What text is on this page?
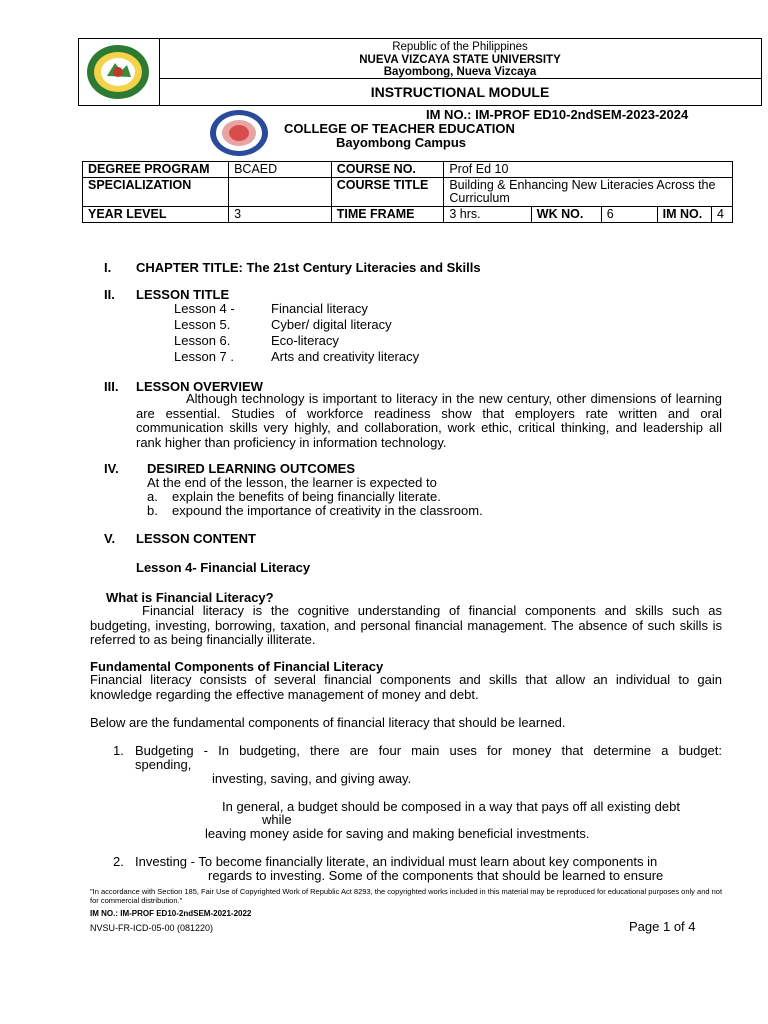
Republic of the Philippines
NUEVA VIZCAYA STATE UNIVERSITY
Bayombong, Nueva Vizcaya
INSTRUCTIONAL MODULE
IM NO.: IM-PROF ED10-2ndSEM-2023-2024
COLLEGE OF TEACHER EDUCATION
Bayombong Campus
DEGREE PROGRAM	BCAED	COURSE NO.	Prof Ed 10				
SPECIALIZATION		COURSE TITLE	Building & Enhancing New Literacies Across the Curriculum				
YEAR LEVEL	3	TIME FRAME	3 hrs.	WK NO.	6	IM NO.	4
I. CHAPTER TITLE: The 21st Century Literacies and Skills
II. LESSON TITLE
Lesson 4 -	Financial literacy
Lesson 5.	Cyber/ digital literacy
Lesson 6.	Eco-literacy
Lesson 7 .	Arts and creativity literacy
III. LESSON OVERVIEW
Although technology is important to literacy in the new century, other dimensions of learning are essential. Studies of workforce readiness show that employers rate written and oral communication skills very highly, and collaboration, work ethic, critical thinking, and leadership all rank higher than proficiency in information technology.
IV. DESIRED LEARNING OUTCOMES
At the end of the lesson, the learner is expected to
a. explain the benefits of being financially literate.
b. expound the importance of creativity in the classroom.
V. LESSON CONTENT
Lesson 4- Financial Literacy
What is Financial Literacy?
Financial literacy is the cognitive understanding of financial components and skills such as budgeting, investing, borrowing, taxation, and personal financial management. The absence of such skills is referred to as being financially illiterate.
Fundamental Components of Financial Literacy
Financial literacy consists of several financial components and skills that allow an individual to gain knowledge regarding the effective management of money and debt.
Below are the fundamental components of financial literacy that should be learned.
1. Budgeting - In budgeting, there are four main uses for money that determine a budget:
spending,
investing, saving, and giving away.
In general, a budget should be composed in a way that pays off all existing debt
while
leaving money aside for saving and making beneficial investments.
2. Investing - To become financially literate, an individual must learn about key components in
regards to investing. Some of the components that should be learned to ensure
"In accordance with Section 185, Fair Use of Copyrighted Work of Republic Act 8293, the copyrighted works included in this material may be reproduced for educational purposes only and not for commercial distribution."
IM NO.: IM-PROF ED10-2ndSEM-2021-2022
NVSU-FR-ICD-05-00 (081220)	Page 1 of 4
